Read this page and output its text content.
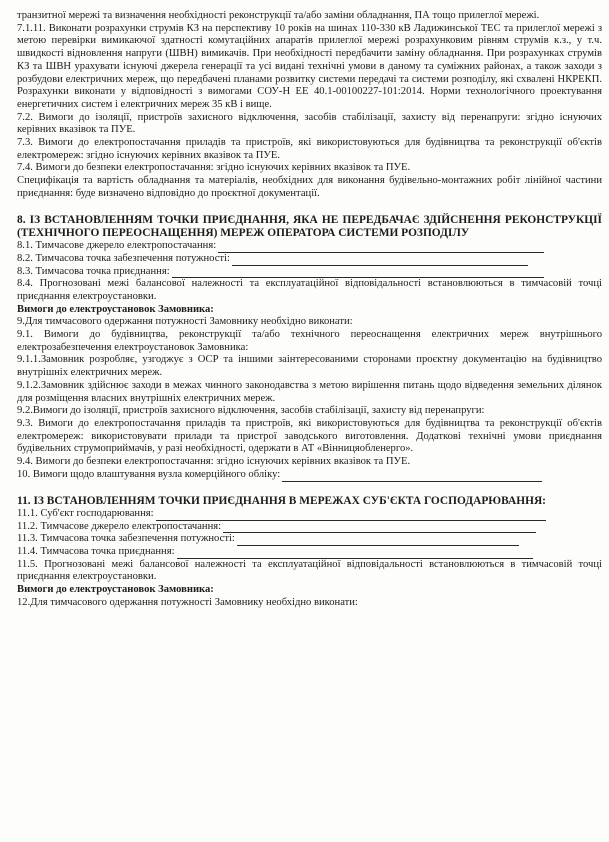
транзитної мережі та визначення необхідності реконструкції та/або заміни обладнання, ПА тощо прилеглої мережі.

7.1.11. Виконати розрахунки струмів КЗ на перспективу 10 років на шинах 110-330 кВ Ладижинської ТЕС та прилеглої мережі з метою перевірки вимикаючої здатності комутаційних апаратів прилеглої мережі розрахунковим рівням струмів к.з., у т.ч. швидкості відновлення напруги (ШВН) вимикачів. При необхідності передбачити заміну обладнання. При розрахунках струмів КЗ та ШВН урахувати існуючі джерела генерації та усі видані технічні умови в даному та суміжних районах, а також заходи з розбудови електричних мереж, що передбачені планами розвитку системи передачі та системи розподілу, які схвалені НКРЕКП. Розрахунки виконати у відповідності з вимогами СОУ-Н ЕЕ 40.1-00100227-101:2014. Норми технологічного проектування енергетичних систем і електричних мереж 35 кВ і вище.

7.2. Вимоги до ізоляції, пристроїв захисного відключення, засобів стабілізації, захисту від перенапруги: згідно існуючих керівних вказівок та ПУЕ.

7.3. Вимоги до електропостачання приладів та пристроїв, які використовуються для будівництва та реконструкції об'єктів електромереж: згідно існуючих керівних вказівок та ПУЕ.

7.4. Вимоги до безпеки електропостачання: згідно існуючих керівних вказівок та ПУЕ.

Специфікація та вартість обладнання та матеріалів, необхідних для виконання будівельно-монтажних робіт лінійної частини приєднання: буде визначено відповідно до проєктної документації.

8. ІЗ ВСТАНОВЛЕННЯМ ТОЧКИ ПРИЄДНАННЯ, ЯКА НЕ ПЕРЕДБАЧАЄ ЗДІЙСНЕННЯ РЕКОНСТРУКЦІЇ (ТЕХНІЧНОГО ПЕРЕОСНАЩЕННЯ) МЕРЕЖ ОПЕРАТОРА СИСТЕМИ РОЗПОДІЛУ

8.1. Тимчасове джерело електропостачання:
8.2. Тимчасова точка забезпечення потужності:
8.3. Тимчасова точка приєднання:

8.4. Прогнозовані межі балансової належності та експлуатаційної відповідальності встановлюються в тимчасовій точці приєднання електроустановки.

Вимоги до електроустановок Замовника:

9.Для тимчасового одержання потужності Замовнику необхідно виконати:

9.1. Вимоги до будівництва, реконструкції та/або технічного переоснащення електричних мереж внутрішнього електрозабезпечення електроустановок Замовника:

9.1.1.Замовник розробляє, узгоджує з ОСР та іншими заінтересованими сторонами проєктну документацію на будівництво внутрішніх електричних мереж.

9.1.2.Замовник здійснює заходи в межах чинного законодавства з метою вирішення питань щодо відведення земельних ділянок для розміщення власних внутрішніх електричних мереж.

9.2.Вимоги до ізоляції, пристроїв захисного відключення, засобів стабілізації, захисту від перенапруги:

9.3. Вимоги до електропостачання приладів та пристроїв, які використовуються для будівництва та реконструкції об'єктів електромереж: використовувати прилади та пристрої заводського виготовлення. Додаткові технічні умови приєднання будівельних струмоприймачів, у разі необхідності, одержати в АТ «Вінницяобленерго».

9.4. Вимоги до безпеки електропостачання: згідно існуючих керівних вказівок та ПУЕ.

10. Вимоги щодо влаштування вузла комерційного обліку:

11. ІЗ ВСТАНОВЛЕННЯМ ТОЧКИ ПРИЄДНАННЯ В МЕРЕЖАХ СУБ'ЄКТА ГОСПОДАРЮВАННЯ:

11.1. Суб'єкт господарювання:
11.2. Тимчасове джерело електропостачання:
11.3. Тимчасова точка забезпечення потужності:
11.4. Тимчасова точка приєднання:

11.5. Прогнозовані межі балансової належності та експлуатаційної відповідальності встановлюються в тимчасовій точці приєднання електроустановки.

Вимоги до електроустановок Замовника:

12.Для тимчасового одержання потужності Замовнику необхідно виконати:
